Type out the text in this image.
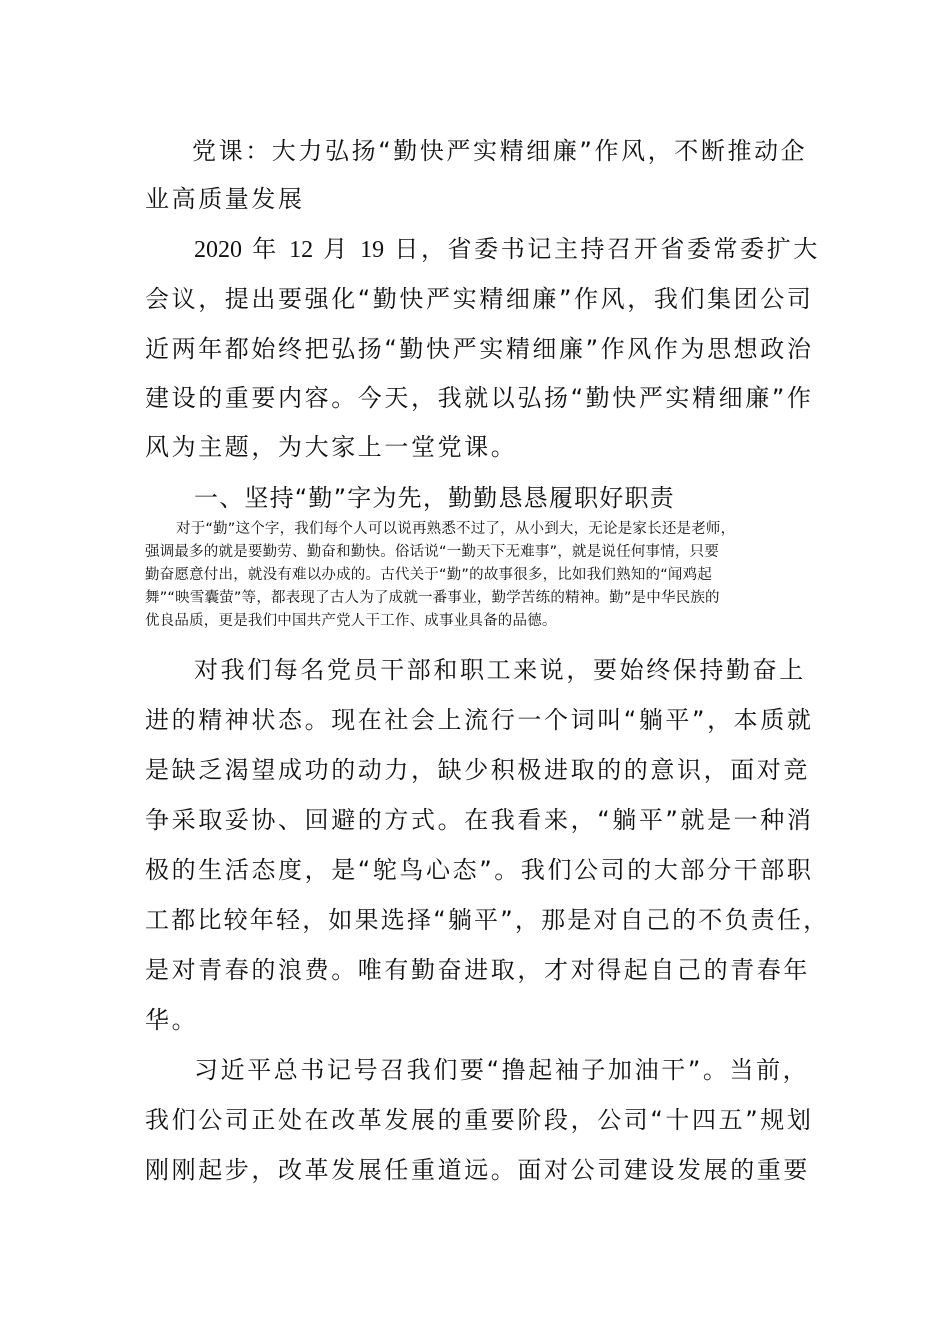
党课：大力弘扬“勤快严实精细廉”作风，不断推动企

业高质量发展

2020 年 12 月 19 日，省委书记主持召开省委常委扩大

会议，提出要强化“勤快严实精细廉”作风，我们集团公司

近两年都始终把弘扬“勤快严实精细廉”作风作为思想政治

建设的重要内容。今天，我就以弘扬“勤快严实精细廉”作

风为主题，为大家上一堂党课。

一、坚持“勤”字为先，勤勤恳恳履职好职责

对于“勤”这个字，我们每个人可以说再熟悉不过了，从小到大，无论是家长还是老师，

强调最多的就是要勤劳、勤奋和勤快。俗话说“一勤天下无难事”，就是说任何事情，只要

勤奋愿意付出，就没有难以办成的。古代关于“勤”的故事很多，比如我们熟知的“闻鸡起

舞”“映雪囊萤”等，都表现了古人为了成就一番事业，勤学苦练的精神。勤”是中华民族的

优良品质，更是我们中国共产党人干工作、成事业具备的品德。

对我们每名党员干部和职工来说，要始终保持勤奋上

进的精神状态。现在社会上流行一个词叫“躺平”，本质就

是缺乏渴望成功的动力，缺少积极进取的的意识，面对竞

争采取妥协、回避的方式。在我看来，“躺平”就是一种消

极的生活态度，是“鸵鸟心态”。我们公司的大部分干部职

工都比较年轻，如果选择“躺平”，那是对自己的不负责任，

是对青春的浪费。唯有勤奋进取，才对得起自己的青春年

华。

习近平总书记号召我们要“撸起袖子加油干”。当前，

我们公司正处在改革发展的重要阶段，公司“十四五”规划

刚刚起步，改革发展任重道远。面对公司建设发展的重要
